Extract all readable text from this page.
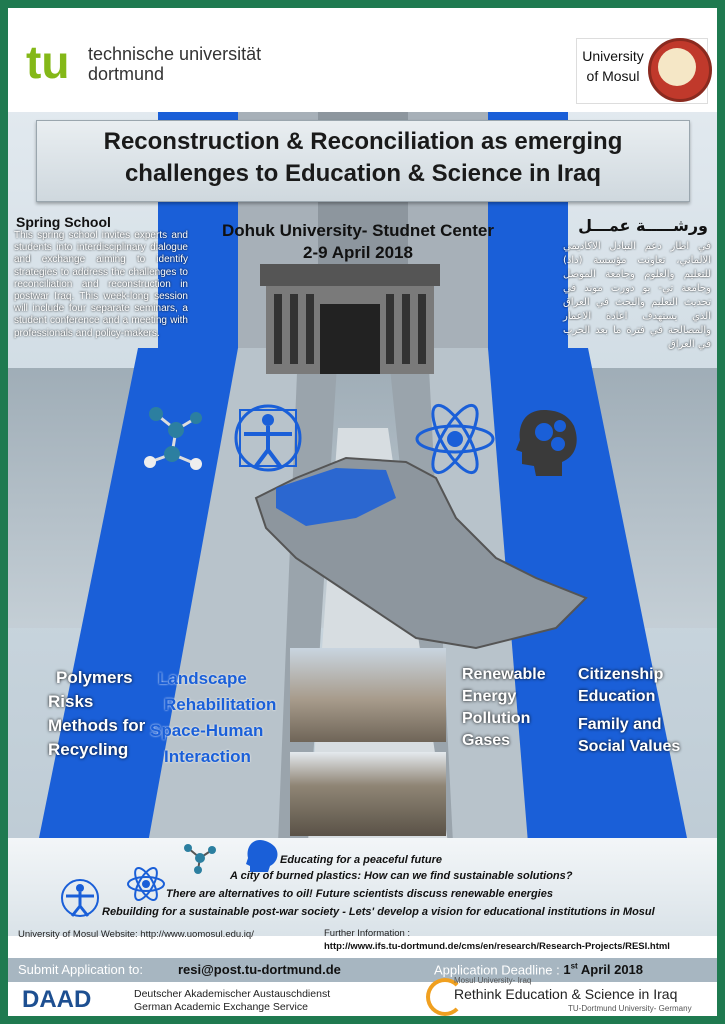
tu technische universität
dortmund
University
of Mosul
Reconstruction & Reconciliation as emerging
challenges to Education & Science in Iraq
Dohuk University- Studnet Center
2-9 April 2018
Spring School
This spring school invites experts and students into interdisciplinary dialogue and exchange aiming to identify strategies to address the challenges to reconciliation and reconstruction in postwar Iraq. This week-long session will include four separate seminars, a student conference and a meeting with professionals and policy-makers.
ورشـــــة عمـــل
في اطار دعم التبادل الاكاديمي الالماني، تعاونت مؤسسة (داد) للتعليم والعلوم وجامعة الموصل وجامعة تي- يو دورت موند في تحديث التعليم والبحث في العراق الذي يستهدف اعادة الاعمار والمصالحة في فترة ما بعد الحرب في العراق
Polymers
Risks
Methods for
Recycling
Landscape
Rehabilitation
Space-Human
Interaction
Renewable
Energy
Pollution
Gases
Citizenship
Education
Family and
Social Values
Educating for a peaceful future
A city of burned plastics: How can we find sustainable solutions?
There are alternatives to oil! Future scientists discuss renewable energies
Rebuilding for a sustainable post-war society - Lets' develop a vision for educational institutions in Mosul
University of Mosul Website: http://www.uomosul.edu.iq/	Further Information :
http://www.ifs.tu-dortmund.de/cms/en/research/Research-Projects/RESI.html
Submit Application to:	resi@post.tu-dortmund.de	Application Deadline : 1st April 2018
DAAD	Deutscher Akademischer Austauschdienst
German Academic Exchange Service
Mosul University- Iraq
Rethink Education & Science in Iraq
TU-Dortmund University- Germany
